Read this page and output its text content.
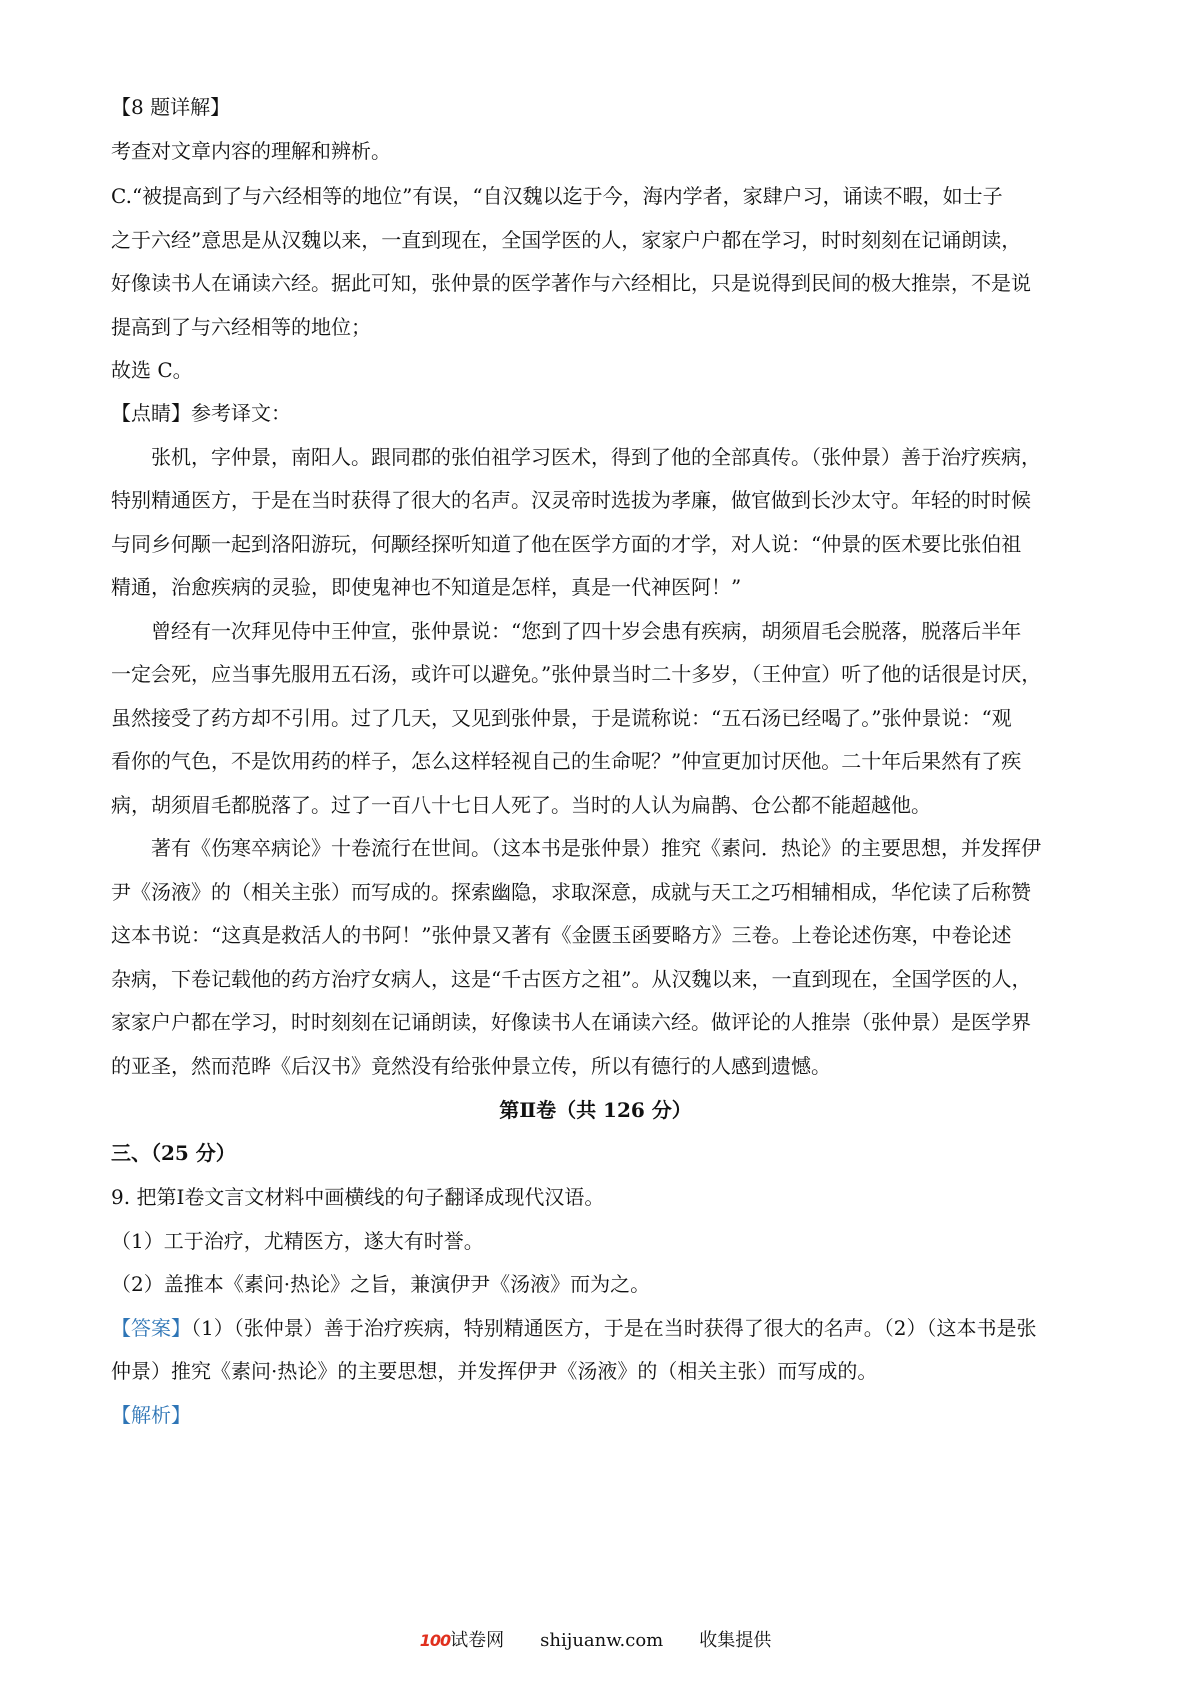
【8 题详解】
考查对文章内容的理解和辨析。
C.“被提高到了与六经相等的地位”有误，“自汉魏以迄于今，海内学者，家肆户习，诵读不暇，如士子
之于六经”意思是从汉魏以来，一直到现在，全国学医的人，家家户户都在学习，时时刻刻在记诵朗读，
好像读书人在诵读六经。据此可知，张仲景的医学著作与六经相比，只是说得到民间的极大推崇，不是说
提高到了与六经相等的地位；
故选 C。
【点睛】参考译文：
张机，字仲景，南阳人。跟同郡的张伯祖学习医术，得到了他的全部真传。（张仲景）善于治疗疾病，
特别精通医方，于是在当时获得了很大的名声。汉灵帝时选拔为孝廉，做官做到长沙太守。年轻的时时候
与同乡何颙一起到洛阳游玩，何颙经探听知道了他在医学方面的才学，对人说：“仲景的医术要比张伯祖
精通，治愈疾病的灵验，即使鬼神也不知道是怎样，真是一代神医阿！”
曾经有一次拜见侍中王仲宣，张仲景说：“您到了四十岁会患有疾病，胡须眉毛会脱落，脱落后半年
一定会死，应当事先服用五石汤，或许可以避免。”张仲景当时二十多岁，（王仲宣）听了他的话很是讨厌，
虽然接受了药方却不引用。过了几天，又见到张仲景，于是谎称说：“五石汤已经喝了。”张仲景说：“观
看你的气色，不是饮用药的样子，怎么这样轻视自己的生命呢？”仲宣更加讨厌他。二十年后果然有了疾
病，胡须眉毛都脱落了。过了一百八十七日人死了。当时的人认为扁鹊、仓公都不能超越他。
著有《伤寒卒病论》十卷流行在世间。（这本书是张仲景）推究《素问．热论》的主要思想，并发挥伊
尹《汤液》的（相关主张）而写成的。探索幽隐，求取深意，成就与天工之巧相辅相成，华佗读了后称赞
这本书说：“这真是救活人的书阿！”张仲景又著有《金匮玉函要略方》三卷。上卷论述伤寒，中卷论述
杂病，下卷记载他的药方治疗女病人，这是“千古医方之祖”。从汉魏以来，一直到现在，全国学医的人，
家家户户都在学习，时时刻刻在记诵朗读，好像读书人在诵读六经。做评论的人推崇（张仲景）是医学界
的亚圣，然而范晔《后汉书》竟然没有给张仲景立传，所以有德行的人感到遗憾。
第Ⅱ卷（共 126 分）
三、（25 分）
9. 把第Ⅰ卷文言文材料中画横线的句子翻译成现代汉语。
（1）工于治疗，尤精医方，遂大有时誉。
（2）盖推本《素问·热论》之旨，兼演伊尹《汤液》而为之。
【答案】（1）（张仲景）善于治疗疾病，特别精通医方，于是在当时获得了很大的名声。（2）（这本书是张
仲景）推究《素问·热论》的主要思想，并发挥伊尹《汤液》的（相关主张）而写成的。
【解析】
100试卷网 shijuanw.com 收集提供
